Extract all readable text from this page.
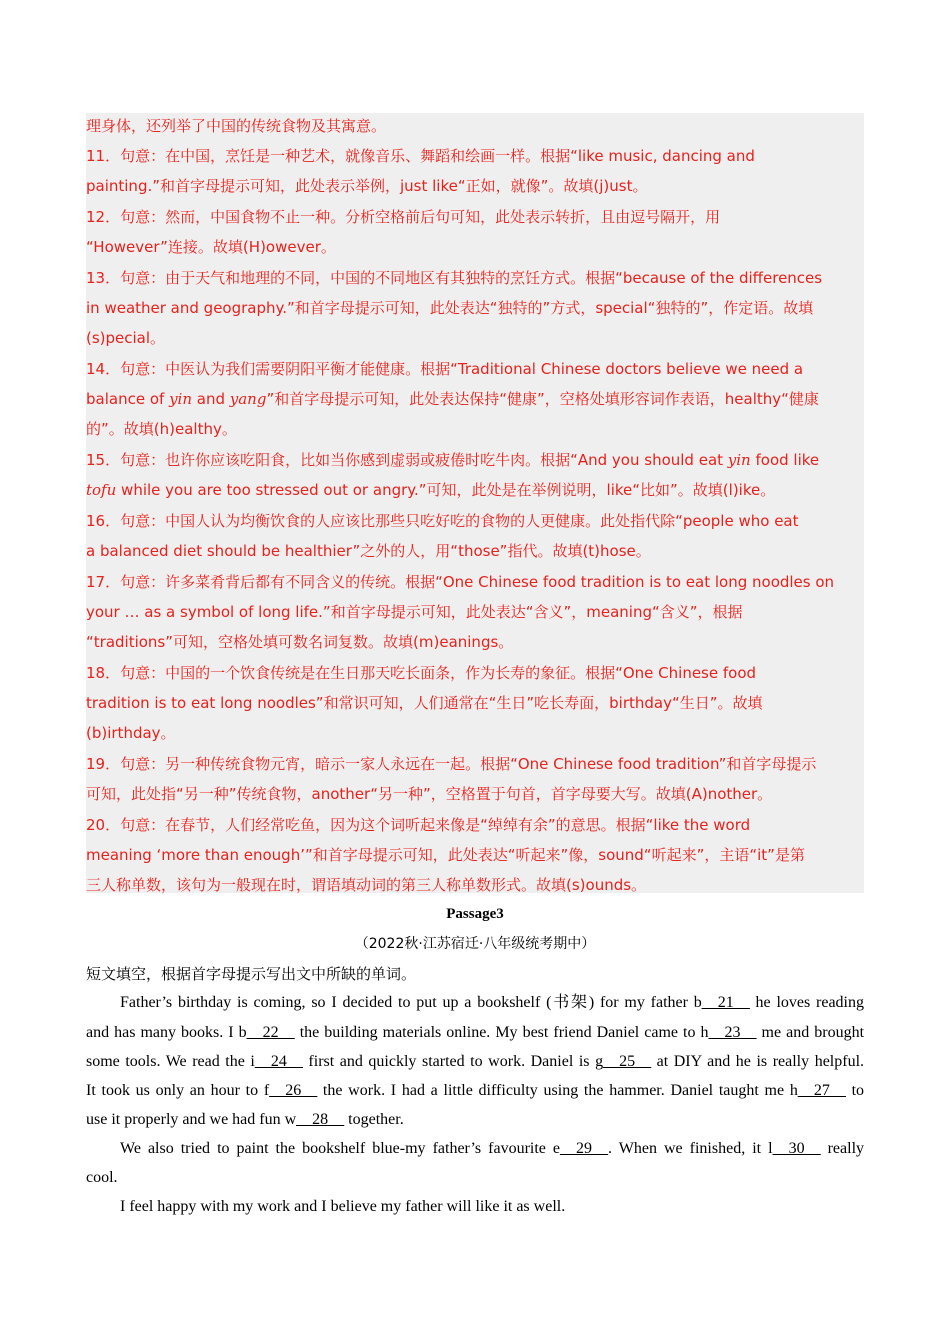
理身体，还列举了中国的传统食物及其寓意。
11．句意：在中国，烹饪是一种艺术，就像音乐、舞蹈和绘画一样。根据“like music, dancing and
painting.”和首字母提示可知，此处表示举例，just like“正如，就像”。故填(j)ust。
12．句意：然而，中国食物不止一种。分析空格前后句可知，此处表示转折，且由逗号隔开，用
“However”连接。故填(H)owever。
13．句意：由于天气和地理的不同，中国的不同地区有其独特的烹饪方式。根据“because of the differences
in weather and geography.”和首字母提示可知，此处表达“独特的”方式，special“独特的”，作定语。故填
(s)pecial。
14．句意：中医认为我们需要阴阳平衡才能健康。根据“Traditional Chinese doctors believe we need a
balance of yin and yang”和首字母提示可知，此处表达保持“健康”，空格处填形容词作表语，healthy“健康
的”。故填(h)ealthy。
15．句意：也许你应该吃阳食，比如当你感到虚弱或疲倦时吃牛肉。根据“And you should eat yin food like
tofu while you are too stressed out or angry.”可知，此处是在举例说明，like“比如”。故填(l)ike。
16．句意：中国人认为均衡饮食的人应该比那些只吃好吃的食物的人更健康。此处指代除“people who eat
a balanced diet should be healthier”之外的人，用“those”指代。故填(t)hose。
17．句意：许多菜肴背后都有不同含义的传统。根据“One Chinese food tradition is to eat long noodles on
your … as a symbol of long life.”和首字母提示可知，此处表达“含义”，meaning“含义”，根据
“traditions”可知，空格处填可数名词复数。故填(m)eanings。
18．句意：中国的一个饮食传统是在生日那天吃长面条，作为长寿的象征。根据“One Chinese food
tradition is to eat long noodles”和常识可知，人们通常在“生日”吃长寿面，birthday“生日”。故填
(b)irthday。
19．句意：另一种传统食物元宵，暗示一家人永远在一起。根据“One Chinese food tradition”和首字母提示
可知，此处指“另一种”传统食物，another“另一种”，空格置于句首，首字母要大写。故填(A)nother。
20．句意：在春节，人们经常吃鱼，因为这个词听起来像是“绰绰有余”的意思。根据“like the word
meaning ‘more than enough’”和首字母提示可知，此处表达“听起来”像，sound“听起来”，主语“it”是第
三人称单数，该句为一般现在时，谓语填动词的第三人称单数形式。故填(s)ounds。
Passage3
（2022秋·江苏宿迁·八年级统考期中）
短文填空，根据首字母提示写出文中所缺的单词。
Father’s birthday is coming, so I decided to put up a bookshelf (书架) for my father b__21__ he loves reading
and has many books. I b__22__ the building materials online. My best friend Daniel came to h__23__ me and brought
some tools. We read the i__24__ first and quickly started to work. Daniel is g__25__ at DIY and he is really helpful.
It took us only an hour to f__26__ the work. I had a little difficulty using the hammer. Daniel taught me h__27__ to
use it properly and we had fun w__28__ together.
We also tried to paint the bookshelf blue-my father’s favourite e__29__. When we finished, it l__30__ really
cool.
I feel happy with my work and I believe my father will like it as well.
